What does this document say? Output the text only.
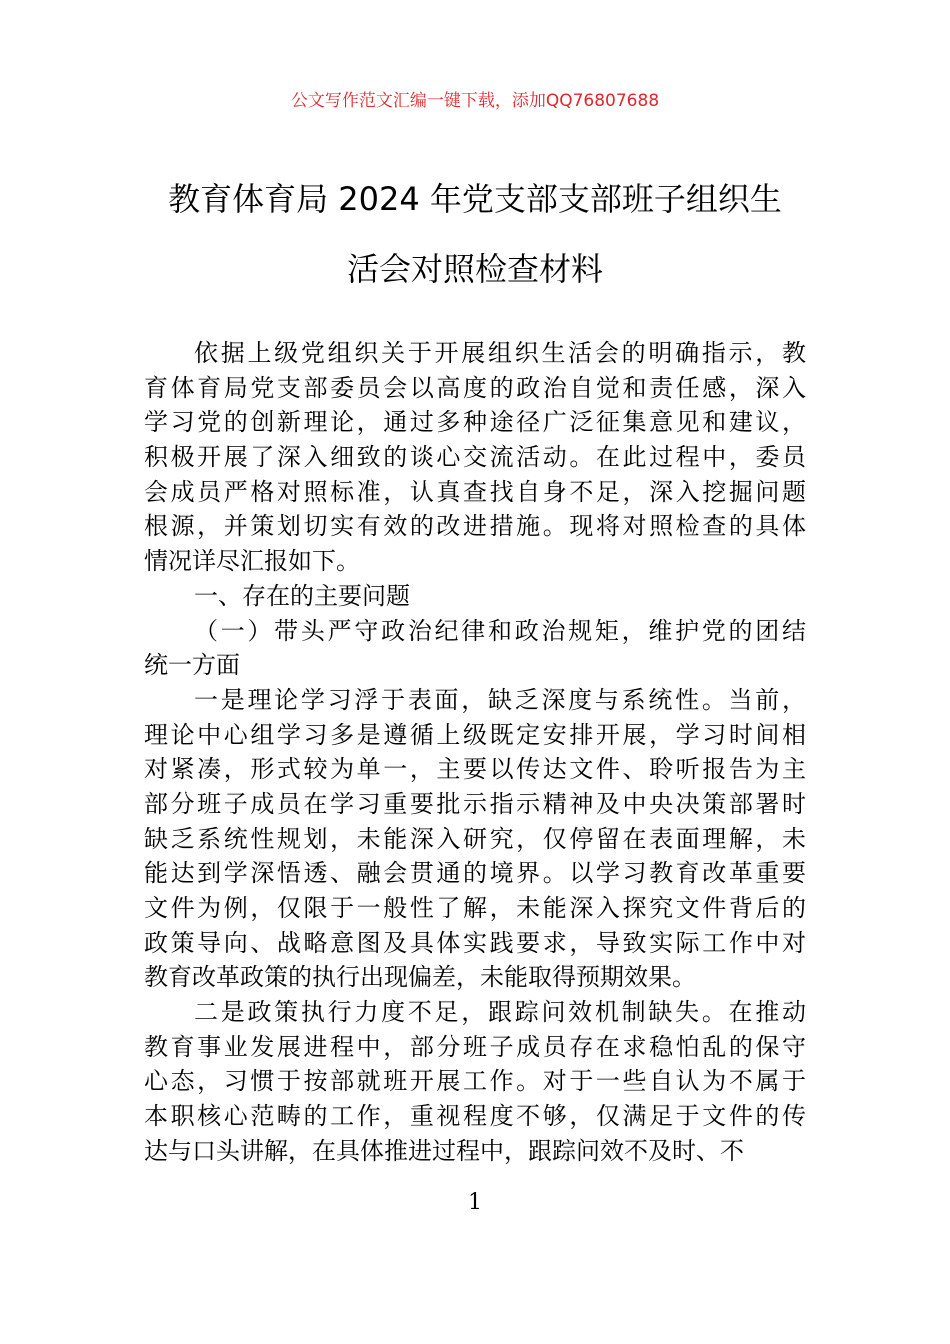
公文写作范文汇编一键下载，添加QQ76807688
教育体育局 2024 年党支部支部班子组织生
活会对照检查材料
依据上级党组织关于开展组织生活会的明确指示，教
育体育局党支部委员会以高度的政治自觉和责任感，深入
学习党的创新理论，通过多种途径广泛征集意见和建议，
积极开展了深入细致的谈心交流活动。在此过程中，委员
会成员严格对照标准，认真查找自身不足，深入挖掘问题
根源，并策划切实有效的改进措施。现将对照检查的具体
情况详尽汇报如下。
一、存在的主要问题
（一）带头严守政治纪律和政治规矩，维护党的团结
统一方面
一是理论学习浮于表面，缺乏深度与系统性。当前，
理论中心组学习多是遵循上级既定安排开展，学习时间相
对紧凑，形式较为单一，主要以传达文件、聆听报告为主
部分班子成员在学习重要批示指示精神及中央决策部署时
缺乏系统性规划，未能深入研究，仅停留在表面理解，未
能达到学深悟透、融会贯通的境界。以学习教育改革重要
文件为例，仅限于一般性了解，未能深入探究文件背后的
政策导向、战略意图及具体实践要求，导致实际工作中对
教育改革政策的执行出现偏差，未能取得预期效果。
二是政策执行力度不足，跟踪问效机制缺失。在推动
教育事业发展进程中，部分班子成员存在求稳怕乱的保守
心态，习惯于按部就班开展工作。对于一些自认为不属于
本职核心范畴的工作，重视程度不够，仅满足于文件的传
达与口头讲解，在具体推进过程中，跟踪问效不及时、不
1
